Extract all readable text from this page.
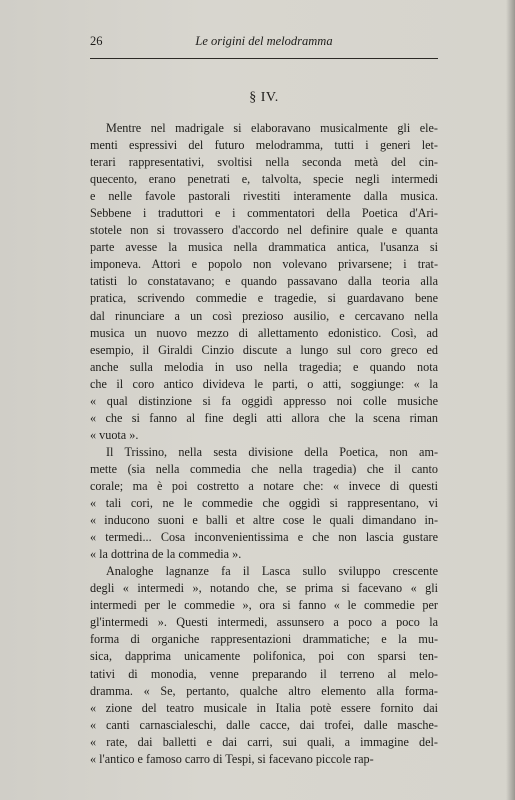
26	Le origini del melodramma
§ IV.

Mentre nel madrigale si elaboravano musicalmente gli ele-
menti espressivi del futuro melodramma, tutti i generi let-
terari rappresentativi, svoltisi nella seconda metà del cin-
quecento, erano penetrati e, talvolta, specie negli intermedi
e nelle favole pastorali rivestiti interamente dalla musica.
Sebbene i traduttori e i commentatori della Poetica d'Ari-
stotele non si trovassero d'accordo nel definire quale e quanta
parte avesse la musica nella drammatica antica, l'usanza si
imponeva. Attori e popolo non volevano privarsene; i trat-
tatisti lo constatavano; e quando passavano dalla teoria alla
pratica, scrivendo commedie e tragedie, si guardavano bene
dal rinunciare a un così prezioso ausilio, e cercavano nella
musica un nuovo mezzo di allettamento edonistico. Così, ad
esempio, il Giraldi Cinzio discute a lungo sul coro greco ed
anche sulla melodia in uso nella tragedia; e quando nota
che il coro antico divideva le parti, o atti, soggiunge: « la
« qual distinzione si fa oggidì appresso noi colle musiche
« che si fanno al fine degli atti allora che la scena riman
« vuota ».

Il Trissino, nella sesta divisione della Poetica, non am-
mette (sia nella commedia che nella tragedia) che il canto
corale; ma è poi costretto a notare che: « invece di questi
« tali cori, ne le commedie che oggidì si rappresentano, vi
« inducono suoni e balli et altre cose le quali dimandano in-
« termedi... Cosa inconvenientissima e che non lascia gustare
« la dottrina de la commedia ».

Analoghe lagnanze fa il Lasca sullo sviluppo crescente
degli « intermedi », notando che, se prima si facevano « gli
intermedi per le commedie », ora si fanno « le commedie per
gl'intermedi ». Questi intermedi, assunsero a poco a poco la
forma di organiche rappresentazioni drammatiche; e la mu-
sica, dapprima unicamente polifonica, poi con sparsi ten-
tativi di monodia, venne preparando il terreno al melo-
dramma. « Se, pertanto, qualche altro elemento alla forma-
« zione del teatro musicale in Italia potè essere fornito dai
« canti carnascialeschi, dalle cacce, dai trofei, dalle masche-
« rate, dai balletti e dai carri, sui quali, a immagine del-
« l'antico e famoso carro di Tespi, si facevano piccole rap-
